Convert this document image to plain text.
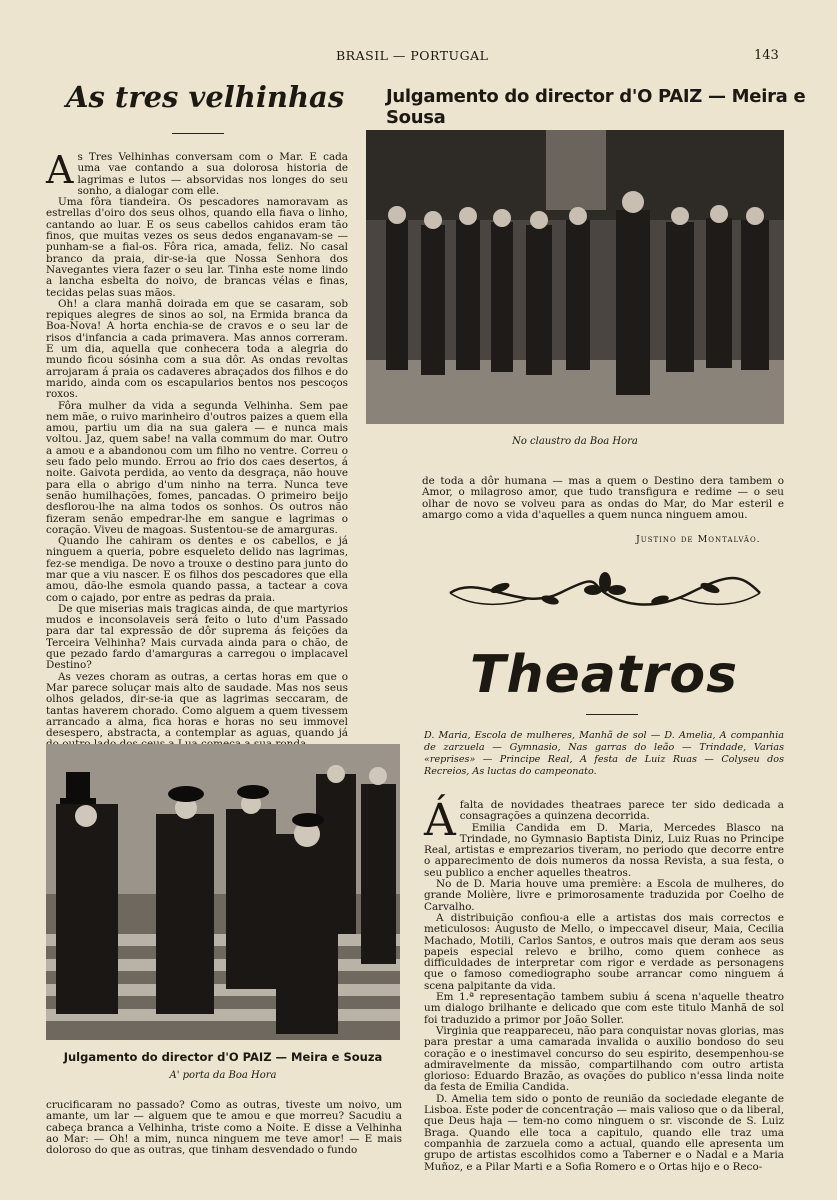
BRASIL — PORTUGAL	143
As tres velhinhas
A s Tres Velhinhas conversam com o Mar. E cada uma vae contando a sua dolorosa historia de lagrimas e lutos — absorvidas nos longes do seu sonho, a dialogar com elle.

Uma fôra tiandeira. Os pescadores namoravam as estrellas d'oiro dos seus olhos, quando ella fiava o linho, cantando ao luar. E os seus cabellos cahidos eram tão finos, que muitas vezes os seus dedos enganavam-se — punham-se a fial-os. Fôra rica, amada, feliz. No casal branco da praia, dir-se-ia que Nossa Senhora dos Navegantes viera fazer o seu lar. Tinha este nome lindo a lancha esbelta do noivo, de brancas vélas e finas, tecidas pelas suas mãos.

Oh! a clara manhã doirada em que se casaram, sob repiques alegres de sinos ao sol, na Ermida branca da Boa-Nova! A horta enchia-se de cravos e o seu lar de risos d'infancia a cada primavera. Mas annos correram. E um dia, aquella que conhecera toda a alegria do mundo ficou sósinha com a sua dôr. As ondas revoltas arrojaram á praia os cadaveres abraçados dos filhos e do marido, ainda com os escapularios bentos nos pescoços roxos.

Fôra mulher da vida a segunda Velhinha. Sem pae nem mãe, o ruivo marinheiro d'outros paizes a quem ella amou, partiu um dia na sua galera — e nunca mais voltou. Jaz, quem sabe! na valla commum do mar. Outro a amou e a abandonou com um filho no ventre. Correu o seu fado pelo mundo. Errou ao frio dos caes desertos, á noite. Gaivota perdida, ao vento da desgraça, não houve para ella o abrigo d'um ninho na terra. Nunca teve senão humilhações, fomes, pancadas. O primeiro beijo desflorou-lhe na alma todos os sonhos. Os outros não fizeram senão empedrar-lhe em sangue e lagrimas o coração. Viveu de magoas. Sustentou-se de amarguras.

Quando lhe cahiram os dentes e os cabellos, e já ninguem a queria, pobre esqueleto delido nas lagrimas, fez-se mendiga. De novo a trouxe o destino para junto do mar que a viu nascer. E os filhos dos pescadores que ella amou, dão-lhe esmola quando passa, a tactear a cova com o cajado, por entre as pedras da praia.

De que miserias mais tragicas ainda, de que martyrios mudos e inconsolaveis será feito o luto d'um Passado para dar tal expressão de dôr suprema ás feições da Terceira Velhinha? Mais curvada ainda para o chão, de que pezado fardo d'amarguras a carregou o implacavel Destino?

As vezes choram as outras, a certas horas em que o Mar parece soluçar mais alto de saudade. Mas nos seus olhos gelados, dir-se-ia que as lagrimas seccaram, de tantas haverem chorado. Como alguem a quem tivessem arrancado a alma, fica horas e horas no seu immovel desespero, abstracta, a contemplar as aguas, quando já

Julgamento do director d'O PAIZ — Meira e Sousa
No claustro da Boa Hora
de toda a dôr humana — mas a quem o Destino dera tambem o Amor, o milagroso amor, que tudo transfigura e redime — o seu olhar de novo se volveu para as ondas do Mar, do Mar esteril e amargo como a vida d'aquelles a quem nunca ninguem amou.
Justino de Montalvão.
Theatros
D. Maria, Escola de mulheres, Manhã de sol — D. Amelia, A companhia de zarzuela — Gymnasio, Nas garras do leão — Trindade, Varias «reprises» — Principe Real, A festa de Luiz Ruas — Colyseu dos Recreios, As luctas do campeonato.
Á falta de novidades theatraes parece ter sido dedicada a consagrações a quinzena decorrida.

Emilia Candida em D. Maria, Mercedes Blasco na Trindade, no Gymnasio Baptista Diniz, Luiz Ruas no Principe Real, artistas e emprezarios tiveram, no periodo que decorre entre o apparecimento de dois numeros da nossa Revista, a sua festa, o seu publico a encher aquelles theatros.

No de D. Maria houve uma première: a Escola de mulheres, do grande Molière, livre e primorosamente traduzida por Coelho de Carvalho.

A distribuição confiou-a elle a artistas dos mais correctos e meticulosos: Augusto de Mello, o impeccavel diseur, Maia, Cecilia Machado, Motili, Carlos Santos, e outros mais que deram aos seus papeis especial relevo e brilho, como quem conhece as difficuldades de interpretar com rigor e verdade as personagens que o famoso comediographo soube arrancar como ninguem á scena palpitante da vida.

Em 1.ª representação tambem subiu á scena n'aquelle theatro um dialogo brilhante e delicado que com este titulo Manhã de sol foi traduzido a primor por João Soller.

Virginia que reappareceu, não para conquistar novas glorias, mas para prestar a uma camarada invalida o auxilio bondoso do seu coração e o inestimavel concurso do seu espirito, desempenhou-se admiravelmente da missão, compartilhando com outro artista glorioso: Eduardo Brazão, as ovações do publico n'essa linda noite da festa de Emilia Candida.

D. Amelia tem sido o ponto de reunião da sociedade elegante de Lisboa. Este poder de concentração — mais valioso que o da liberal, que Deus haja — tem-no como ninguem o sr. visconde de S. Luiz Braga. Quando elle toca a capitulo, quando elle traz uma companhia de zarzuela como a actual, quando elle apresenta um grupo de artistas escolhidos como a Taberner e o Nadal e a Maria Muñoz, e a Pilar Marti e a Sofia Romero e o Ortas hijo e o Reco-

Julgamento do director d'O PAIZ — Meira e Souza
A' porta da Boa Hora
crucificaram no passado? Como as outras, tiveste um noivo, um amante, um lar — alguem que te amou e que morreu? Sacudiu a cabeça branca a Velhinha, triste como a Noite. E disse a Velhinha ao Mar: — Oh! a mim, nunca ninguem me teve amor! — E mais doloroso do que as outras, que tinham desvendado o fundo
